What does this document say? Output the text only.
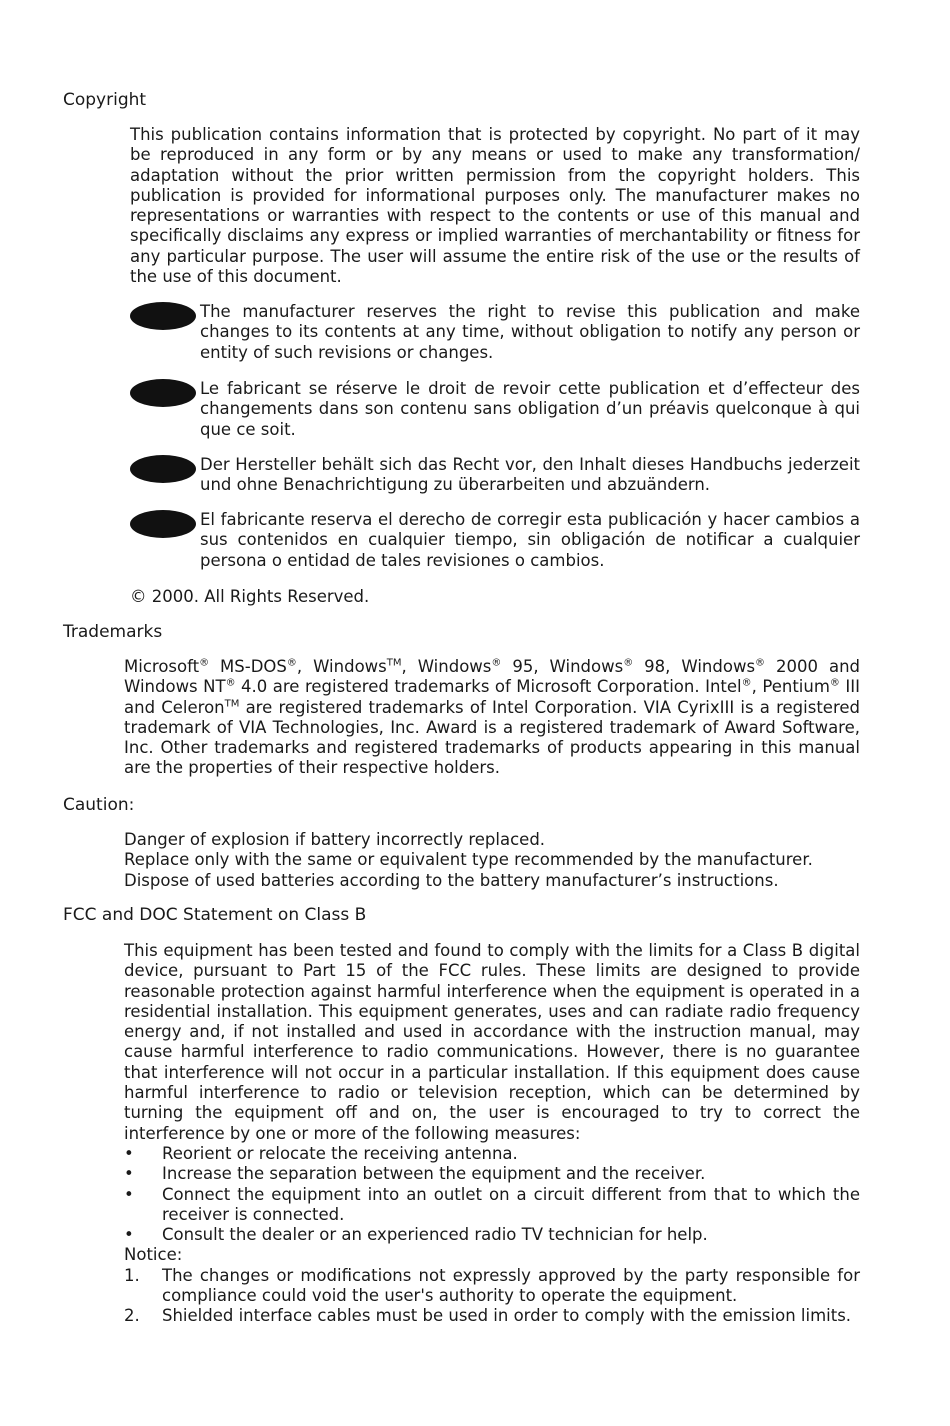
Copyright
This publication contains information that is protected by copyright. No part of it may be reproduced in any form or by any means or used to make any transformation/ adaptation without the prior written permission from the copyright holders. This publication is provided for informational purposes only. The manufacturer makes no representations or warranties with respect to the contents or use of this manual and specifically disclaims any express or implied warranties of merchantability or fitness for any particular purpose. The user will assume the entire risk of the use or the results of the use of this document.
The manufacturer reserves the right to revise this publication and make changes to its contents at any time, without obligation to notify any person or entity of such revisions or changes.
Le fabricant se réserve le droit de revoir cette publication et d’effecteur des changements dans son contenu sans obligation d’un préavis quelconque à qui que ce soit.
Der Hersteller behält sich das Recht vor, den Inhalt dieses Handbuchs jederzeit und ohne Benachrichtigung zu überarbeiten und abzuändern.
El fabricante reserva el derecho de corregir esta publicación y hacer cambios a sus contenidos en cualquier tiempo, sin obligación de notificar a cualquier persona o entidad de tales revisiones o cambios.
© 2000. All Rights Reserved.
Trademarks
Microsoft® MS-DOS®, Windows™, Windows® 95, Windows® 98, Windows® 2000 and Windows NT® 4.0 are registered trademarks of Microsoft Corporation. Intel®, Pentium® III and Celeron™ are registered trademarks of Intel Corporation. VIA CyrixIII is a registered trademark of VIA Technologies, Inc. Award is a registered trademark of Award Software, Inc. Other trademarks and registered trademarks of products appearing in this manual are the properties of their respective holders.
Caution:
Danger of explosion if battery incorrectly replaced.
Replace only with the same or equivalent type recommended by the manufacturer.
Dispose of used batteries according to the battery manufacturer’s instructions.
FCC and DOC Statement on Class B
This equipment has been tested and found to comply with the limits for a Class B digital device, pursuant to Part 15 of the FCC rules. These limits are designed to provide reasonable protection against harmful interference when the equipment is operated in a residential installation. This equipment generates, uses and can radiate radio frequency energy and, if not installed and used in accordance with the instruction manual, may cause harmful interference to radio communications. However, there is no guarantee that interference will not occur in a particular installation. If this equipment does cause harmful interference to radio or television reception, which can be determined by turning the equipment off and on, the user is encouraged to try to correct the interference by one or more of the following measures:
• Reorient or relocate the receiving antenna.
• Increase the separation between the equipment and the receiver.
• Connect the equipment into an outlet on a circuit different from that to which the receiver is connected.
• Consult the dealer or an experienced radio TV technician for help.
Notice:
1. The changes or modifications not expressly approved by the party responsible for compliance could void the user's authority to operate the equipment.
2. Shielded interface cables must be used in order to comply with the emission limits.
